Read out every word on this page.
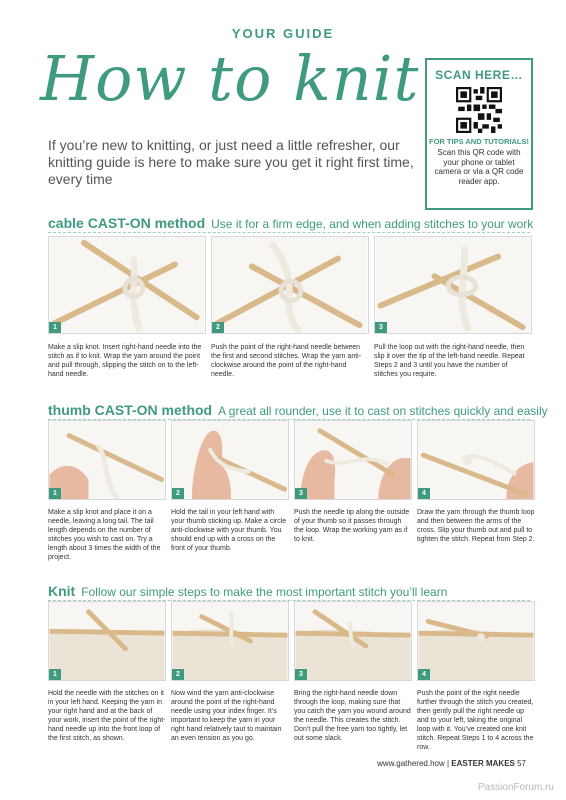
YOUR GUIDE
How to knit
If you’re new to knitting, or just need a little refresher, our knitting guide is here to make sure you get it right first time, every time
SCAN HERE…
FOR TIPS AND TUTORIALS!
Scan this QR code with your phone or tablet camera or via a QR code reader app.
cable CAST-ON method Use it for a firm edge, and when adding stitches to your work
1	2	3
Make a slip knot. Insert right-hand needle into the stitch as if to knit. Wrap the yarn around the point and pull through, slipping the stitch on to the left-hand needle.
Push the point of the right-hand needle between the first and second stitches. Wrap the yarn anti-clockwise around the point of the right-hand needle.
Pull the loop out with the right-hand needle, then slip it over the tip of the left-hand needle. Repeat Steps 2 and 3 until you have the number of stitches you require.
thumb CAST-ON method A great all rounder, use it to cast on stitches quickly and easily
1	2	3	4
Make a slip knot and place it on a needle, leaving a long tail. The tail length depends on the number of stitches you wish to cast on. Try a length about 3 times the width of the project.
Hold the tail in your left hand with your thumb sticking up. Make a circle anti-clockwise with your thumb. You should end up with a cross on the front of your thumb.
Push the needle tip along the outside of your thumb so it passes through the loop. Wrap the working yarn as if to knit.
Draw the yarn through the thumb loop and then between the arms of the cross. Slip your thumb out and pull to tighten the stitch. Repeat from Step 2.
Knit Follow our simple steps to make the most important stitch you’ll learn
1	2	3	4
Hold the needle with the stitches on it in your left hand. Keeping the yarn in your right hand and at the back of your work, insert the point of the right-hand needle up into the front loop of the first stitch, as shown.
Now wind the yarn anti-clockwise around the point of the right-hand needle using your index finger. It’s important to keep the yarn in your right hand relatively taut to maintain an even tension as you go.
Bring the right-hand needle down through the loop, making sure that you catch the yarn you wound around the needle. This creates the stitch. Don’t pull the free yarn too tightly, let out some slack.
Push the point of the right needle further through the stitch you created, then gently pull the right needle up and to your left, taking the original loop with it. You’ve created one knit stitch. Repeat Steps 1 to 4 across the row.
www.gathered.how | EASTER MAKES 57
PassionForum.ru
